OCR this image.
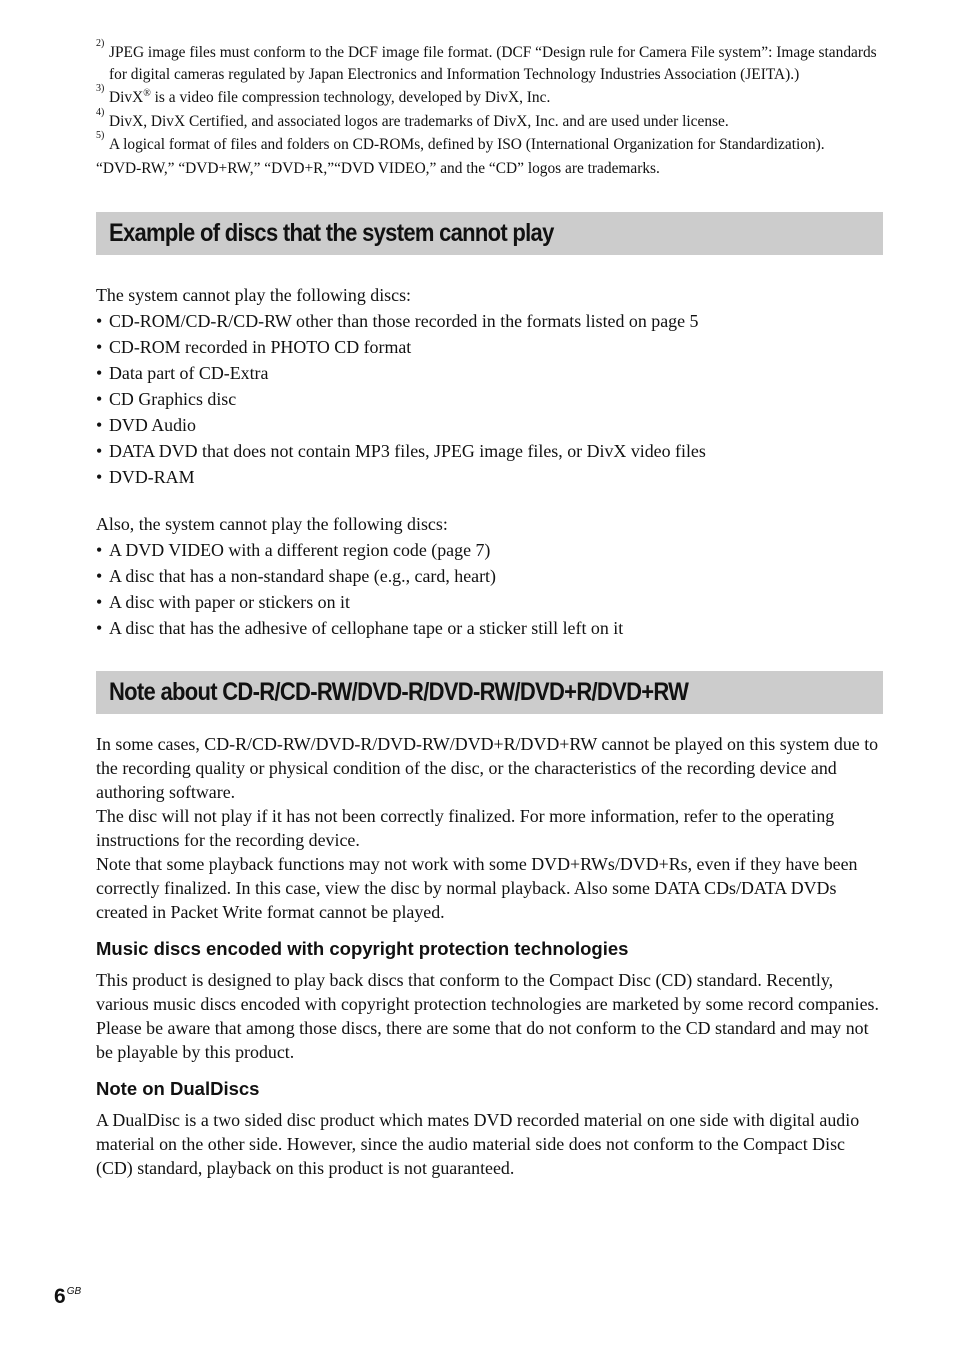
2)
JPEG image files must conform to the DCF image file format. (DCF “Design rule for Camera File system”: Image standards for digital cameras regulated by Japan Electronics and Information Technology Industries Association (JEITA).)

3)
DivX® is a video file compression technology, developed by DivX, Inc.

4)
DivX, DivX Certified, and associated logos are trademarks of DivX, Inc. and are used under license.

5)
A logical format of files and folders on CD-ROMs, defined by ISO (International Organization for Standardization).

“DVD-RW,” “DVD+RW,” “DVD+R,”“DVD VIDEO,” and the “CD” logos are trademarks.

Example of discs that the system cannot play

The system cannot play the following discs:

• CD-ROM/CD-R/CD-RW other than those recorded in the formats listed on page 5
• CD-ROM recorded in PHOTO CD format
• Data part of CD-Extra
• CD Graphics disc
• DVD Audio
• DATA DVD that does not contain MP3 files, JPEG image files, or DivX video files
• DVD-RAM

Also, the system cannot play the following discs:

• A DVD VIDEO with a different region code (page 7)
• A disc that has a non-standard shape (e.g., card, heart)
• A disc with paper or stickers on it
• A disc that has the adhesive of cellophane tape or a sticker still left on it
Note about CD-R/CD-RW/DVD-R/DVD-RW/DVD+R/DVD+RW

In some cases, CD-R/CD-RW/DVD-R/DVD-RW/DVD+R/DVD+RW cannot be played on this system due to the recording quality or physical condition of the disc, or the characteristics of the recording device and authoring software.

The disc will not play if it has not been correctly finalized. For more information, refer to the operating instructions for the recording device.

Note that some playback functions may not work with some DVD+RWs/DVD+Rs, even if they have been correctly finalized. In this case, view the disc by normal playback. Also some DATA CDs/DATA DVDs created in Packet Write format cannot be played.

Music discs encoded with copyright protection technologies

This product is designed to play back discs that conform to the Compact Disc (CD) standard. Recently, various music discs encoded with copyright protection technologies are marketed by some record companies. Please be aware that among those discs, there are some that do not conform to the CD standard and may not be playable by this product.

Note on DualDiscs

A DualDisc is a two sided disc product which mates DVD recorded material on one side with digital audio material on the other side. However, since the audio material side does not conform to the Compact Disc (CD) standard, playback on this product is not guaranteed.

$6^{GB}$
